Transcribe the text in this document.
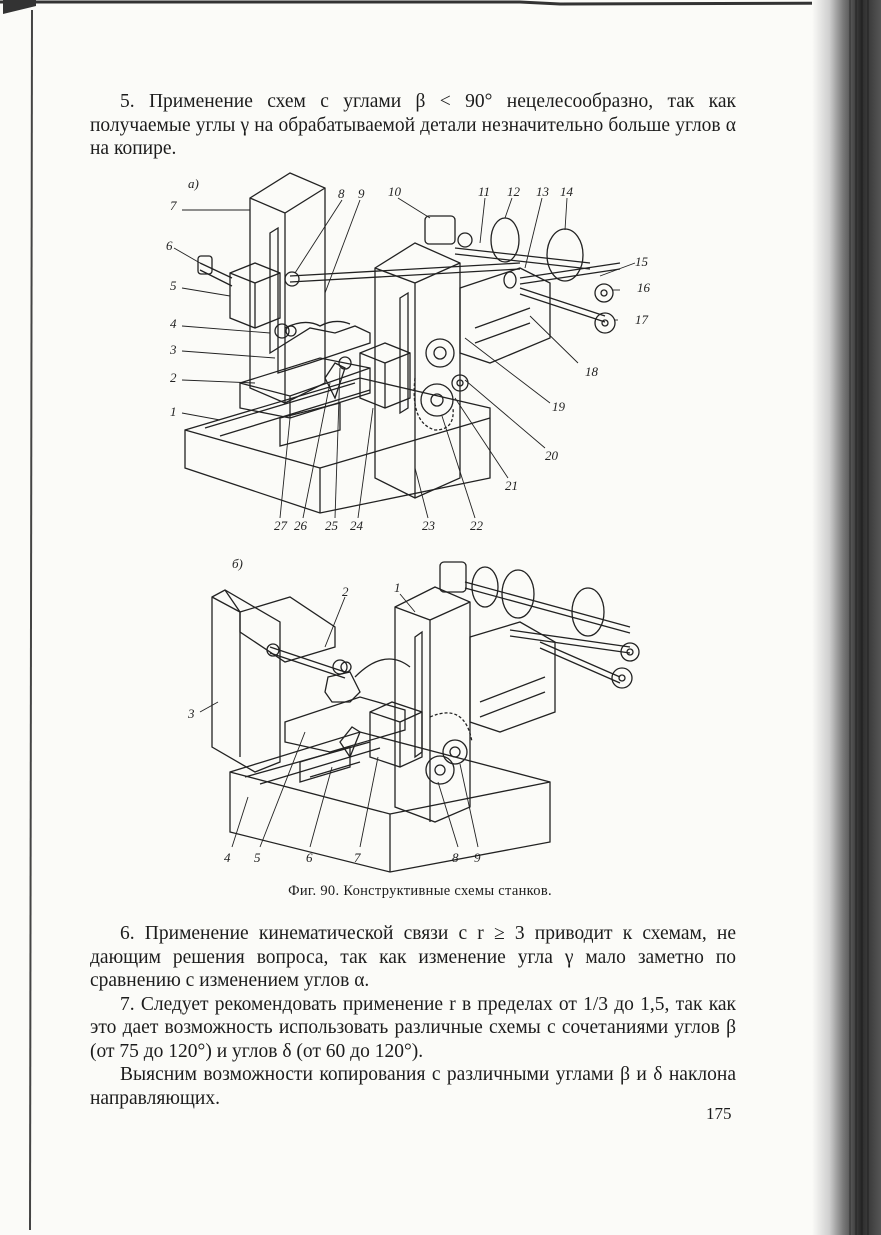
5. Применение схем с углами β < 90° нецелесообразно, так как получаемые углы γ на обрабатываемой детали незначительно больше углов α на копире.

а)
7
6
5
4
3
2
1
8 9 10	11 12 13 14
15
16
17
18
19
20
21
22
23
24
25
26
27
б)
2	1
3
4 5	6	7	8 9
Фиг. 90. Конструктивные схемы станков.

6. Применение кинематической связи с r ≥ 3 приводит к схемам, не дающим решения вопроса, так как изменение угла γ мало заметно по сравнению с изменением углов α.

7. Следует рекомендовать применение r в пределах от 1/3 до 1,5, так как это дает возможность использовать различные схемы с сочетаниями углов β (от 75 до 120°) и углов δ (от 60 до 120°).

Выясним возможности копирования с различными углами β и δ наклона направляющих.

175
